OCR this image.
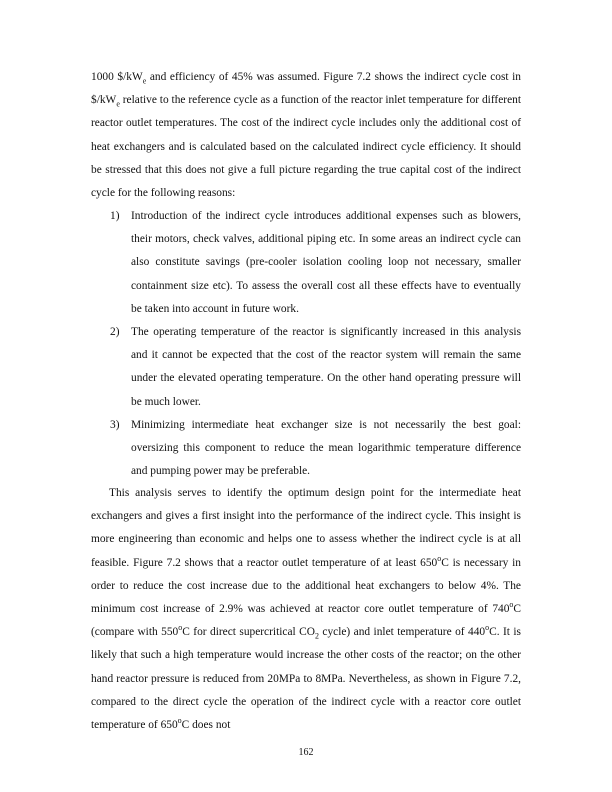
1000 $\$/kW_e$ and efficiency of 45% was assumed. Figure 7.2 shows the indirect cycle cost in $\$/kW_e$ relative to the reference cycle as a function of the reactor inlet temperature for different reactor outlet temperatures. The cost of the indirect cycle includes only the additional cost of heat exchangers and is calculated based on the calculated indirect cycle efficiency. It should be stressed that this does not give a full picture regarding the true capital cost of the indirect cycle for the following reasons:

1) Introduction of the indirect cycle introduces additional expenses such as blowers, their motors, check valves, additional piping etc. In some areas an indirect cycle can also constitute savings (pre-cooler isolation cooling loop not necessary, smaller containment size etc). To assess the overall cost all these effects have to eventually be taken into account in future work.
2) The operating temperature of the reactor is significantly increased in this analysis and it cannot be expected that the cost of the reactor system will remain the same under the elevated operating temperature. On the other hand operating pressure will be much lower.
3) Minimizing intermediate heat exchanger size is not necessarily the best goal: oversizing this component to reduce the mean logarithmic temperature difference and pumping power may be preferable.

This analysis serves to identify the optimum design point for the intermediate heat exchangers and gives a first insight into the performance of the indirect cycle. This insight is more engineering than economic and helps one to assess whether the indirect cycle is at all feasible. Figure 7.2 shows that a reactor outlet temperature of at least 650$^o$C is necessary in order to reduce the cost increase due to the additional heat exchangers to below 4%. The minimum cost increase of 2.9% was achieved at reactor core outlet temperature of 740$^o$C (compare with 550$^o$C for direct supercritical $CO_2$ cycle) and inlet temperature of 440$^o$C. It is likely that such a high temperature would increase the other costs of the reactor; on the other hand reactor pressure is reduced from 20MPa to 8MPa. Nevertheless, as shown in Figure 7.2, compared to the direct cycle the operation of the indirect cycle with a reactor core outlet temperature of 650$^o$C does not

162
